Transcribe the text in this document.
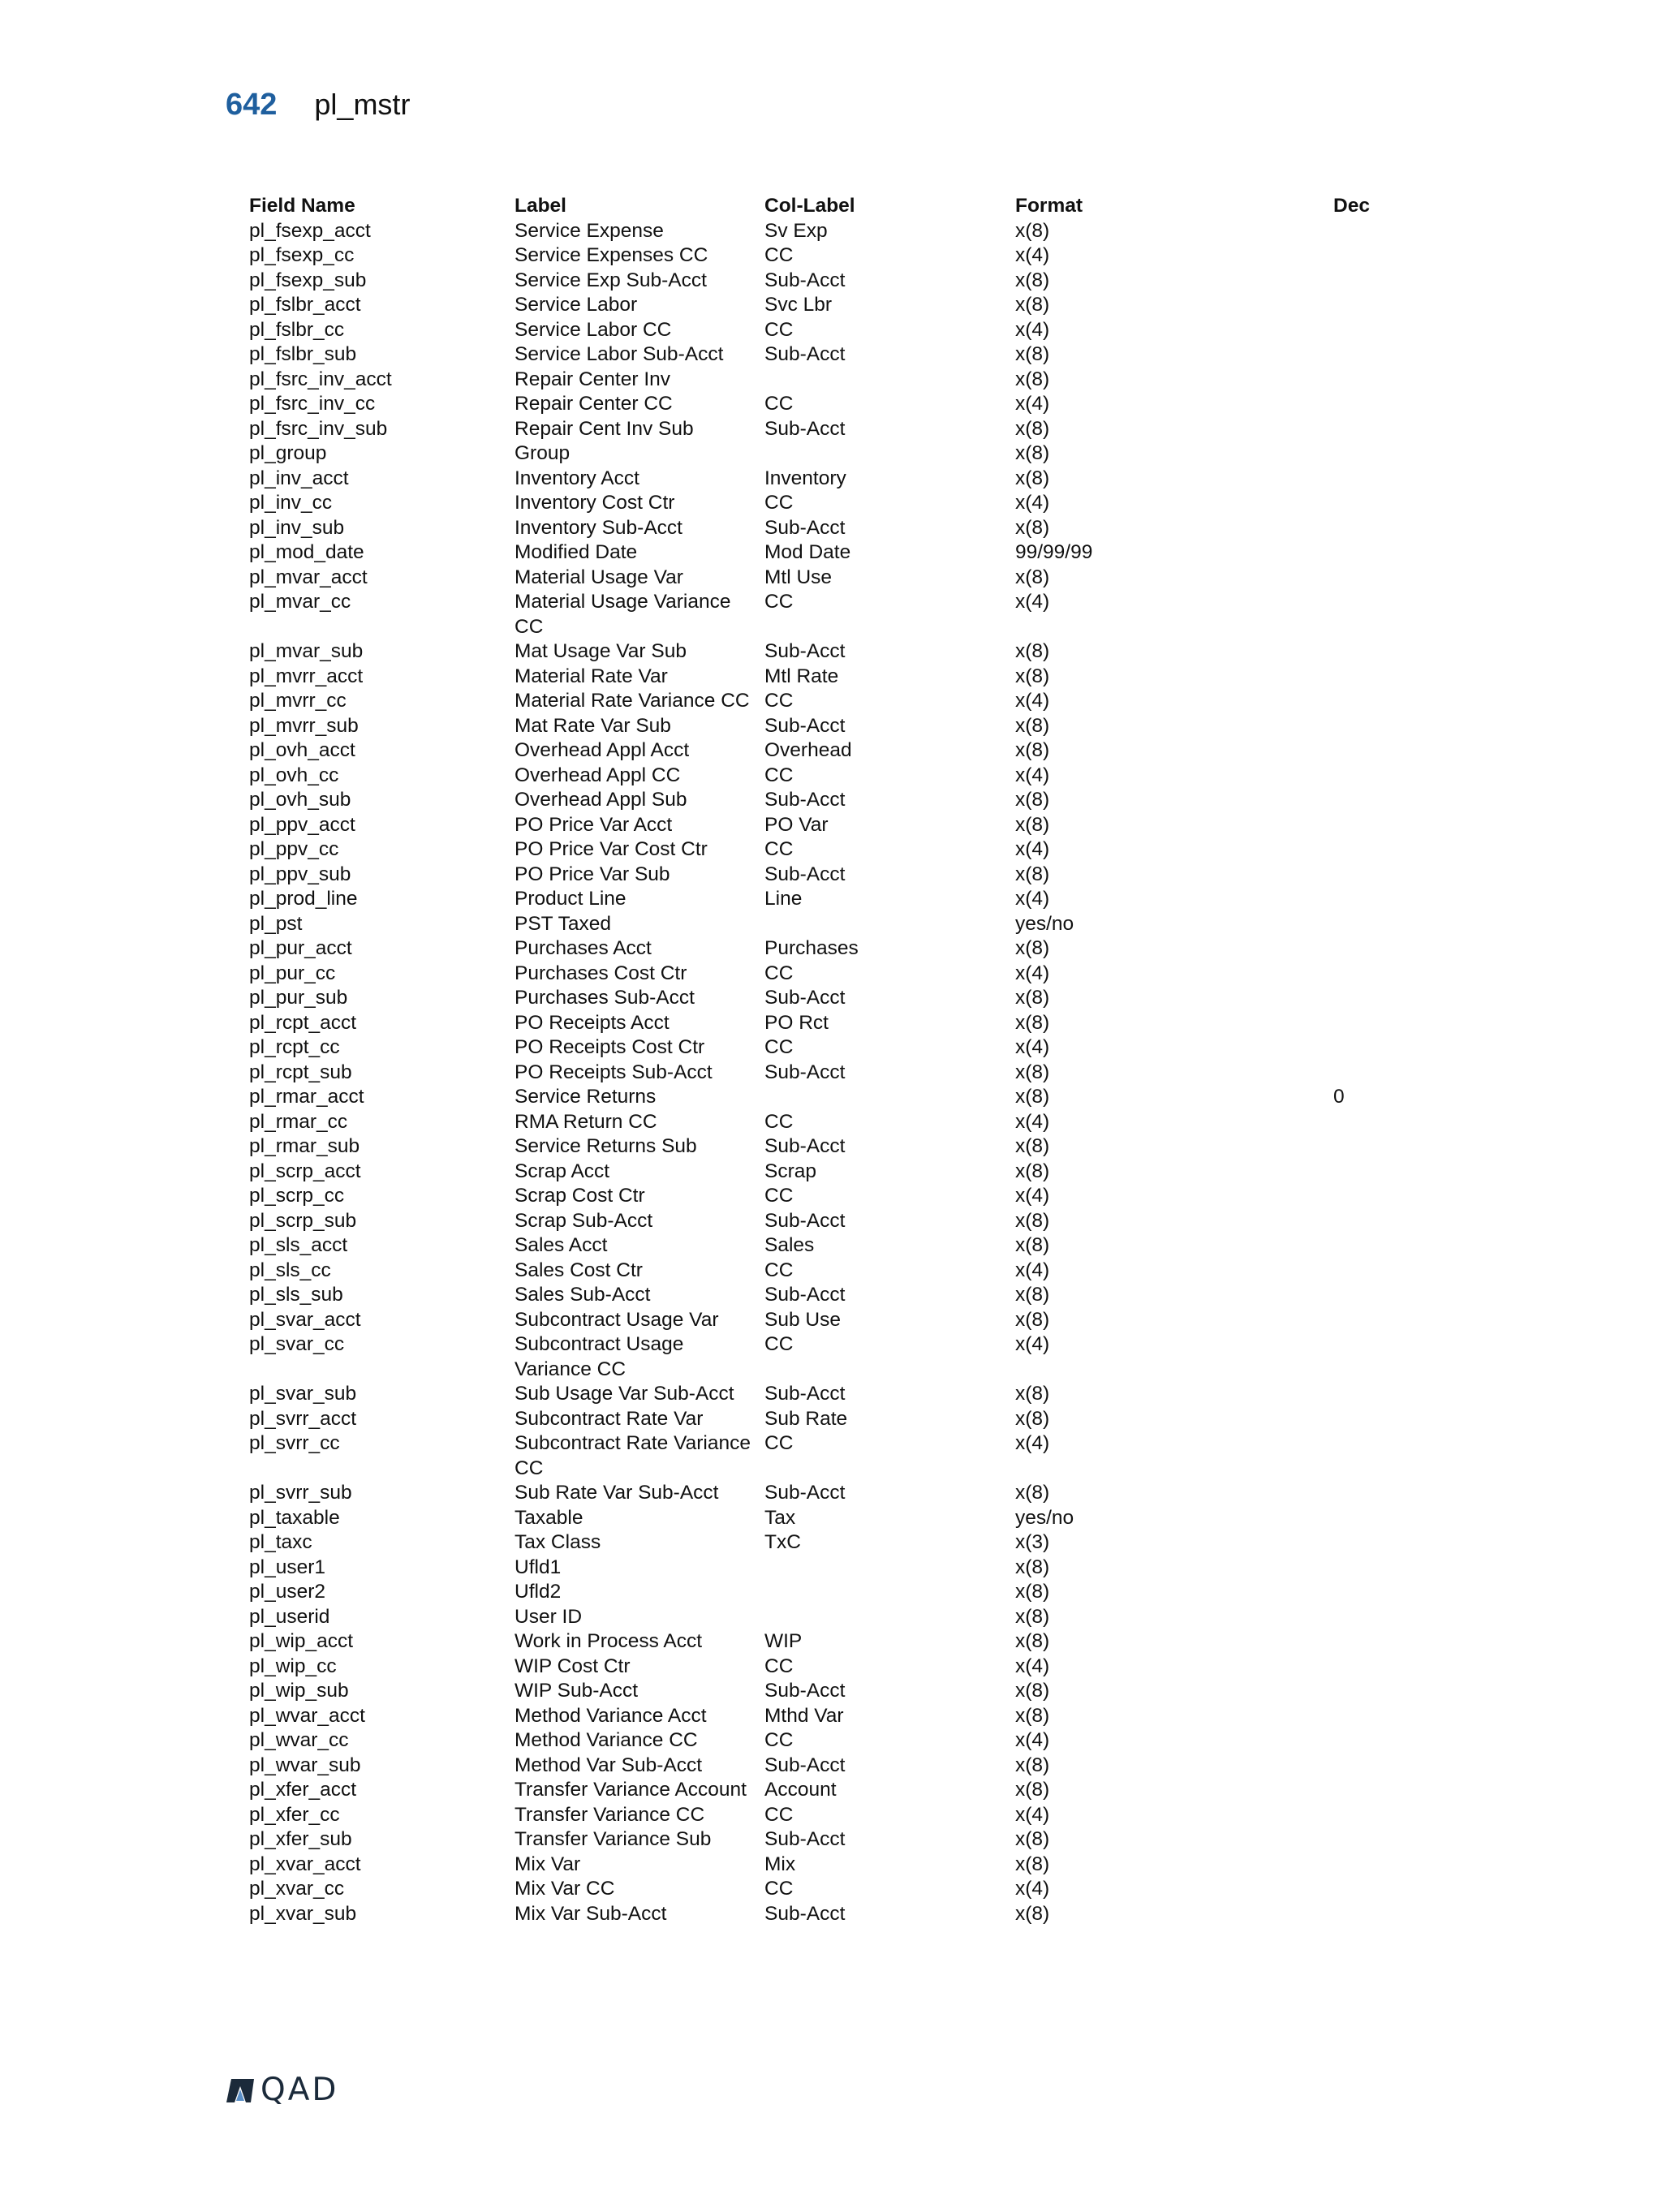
642 pl_mstr
Field Name	Label	Col-Label	Format	Dec
pl_fsexp_acct	Service Expense	Sv Exp	x(8)	
pl_fsexp_cc	Service Expenses CC	CC	x(4)	
pl_fsexp_sub	Service Exp Sub-Acct	Sub-Acct	x(8)	
pl_fslbr_acct	Service Labor	Svc Lbr	x(8)	
pl_fslbr_cc	Service Labor CC	CC	x(4)	
pl_fslbr_sub	Service Labor Sub-Acct	Sub-Acct	x(8)	
pl_fsrc_inv_acct	Repair Center Inv		x(8)	
pl_fsrc_inv_cc	Repair Center CC	CC	x(4)	
pl_fsrc_inv_sub	Repair Cent Inv Sub	Sub-Acct	x(8)	
pl_group	Group		x(8)	
pl_inv_acct	Inventory Acct	Inventory	x(8)	
pl_inv_cc	Inventory Cost Ctr	CC	x(4)	
pl_inv_sub	Inventory Sub-Acct	Sub-Acct	x(8)	
pl_mod_date	Modified Date	Mod Date	99/99/99	
pl_mvar_acct	Material Usage Var	Mtl Use	x(8)	
pl_mvar_cc	Material Usage Variance CC	CC	x(4)	
pl_mvar_sub	Mat Usage Var Sub	Sub-Acct	x(8)	
pl_mvrr_acct	Material Rate Var	Mtl Rate	x(8)	
pl_mvrr_cc	Material Rate Variance CC	CC	x(4)	
pl_mvrr_sub	Mat Rate Var Sub	Sub-Acct	x(8)	
pl_ovh_acct	Overhead Appl Acct	Overhead	x(8)	
pl_ovh_cc	Overhead Appl CC	CC	x(4)	
pl_ovh_sub	Overhead Appl Sub	Sub-Acct	x(8)	
pl_ppv_acct	PO Price Var Acct	PO Var	x(8)	
pl_ppv_cc	PO Price Var Cost Ctr	CC	x(4)	
pl_ppv_sub	PO Price Var Sub	Sub-Acct	x(8)	
pl_prod_line	Product Line	Line	x(4)	
pl_pst	PST Taxed		yes/no	
pl_pur_acct	Purchases Acct	Purchases	x(8)	
pl_pur_cc	Purchases Cost Ctr	CC	x(4)	
pl_pur_sub	Purchases Sub-Acct	Sub-Acct	x(8)	
pl_rcpt_acct	PO Receipts Acct	PO Rct	x(8)	
pl_rcpt_cc	PO Receipts Cost Ctr	CC	x(4)	
pl_rcpt_sub	PO Receipts Sub-Acct	Sub-Acct	x(8)	
pl_rmar_acct	Service Returns		x(8)	0
pl_rmar_cc	RMA Return CC	CC	x(4)	
pl_rmar_sub	Service Returns Sub	Sub-Acct	x(8)	
pl_scrp_acct	Scrap Acct	Scrap	x(8)	
pl_scrp_cc	Scrap Cost Ctr	CC	x(4)	
pl_scrp_sub	Scrap Sub-Acct	Sub-Acct	x(8)	
pl_sls_acct	Sales Acct	Sales	x(8)	
pl_sls_cc	Sales Cost Ctr	CC	x(4)	
pl_sls_sub	Sales Sub-Acct	Sub-Acct	x(8)	
pl_svar_acct	Subcontract Usage Var	Sub Use	x(8)	
pl_svar_cc	Subcontract Usage Variance CC	CC	x(4)	
pl_svar_sub	Sub Usage Var Sub-Acct	Sub-Acct	x(8)	
pl_svrr_acct	Subcontract Rate Var	Sub Rate	x(8)	
pl_svrr_cc	Subcontract Rate Variance CC	CC	x(4)	
pl_svrr_sub	Sub Rate Var Sub-Acct	Sub-Acct	x(8)	
pl_taxable	Taxable	Tax	yes/no	
pl_taxc	Tax Class	TxC	x(3)	
pl_user1	Ufld1		x(8)	
pl_user2	Ufld2		x(8)	
pl_userid	User ID		x(8)	
pl_wip_acct	Work in Process Acct	WIP	x(8)	
pl_wip_cc	WIP Cost Ctr	CC	x(4)	
pl_wip_sub	WIP Sub-Acct	Sub-Acct	x(8)	
pl_wvar_acct	Method Variance Acct	Mthd Var	x(8)	
pl_wvar_cc	Method Variance CC	CC	x(4)	
pl_wvar_sub	Method Var Sub-Acct	Sub-Acct	x(8)	
pl_xfer_acct	Transfer Variance Account	Account	x(8)	
pl_xfer_cc	Transfer Variance CC	CC	x(4)	
pl_xfer_sub	Transfer Variance Sub	Sub-Acct	x(8)	
pl_xvar_acct	Mix Var	Mix	x(8)	
pl_xvar_cc	Mix Var CC	CC	x(4)	
pl_xvar_sub	Mix Var Sub-Acct	Sub-Acct	x(8)	
QAD
